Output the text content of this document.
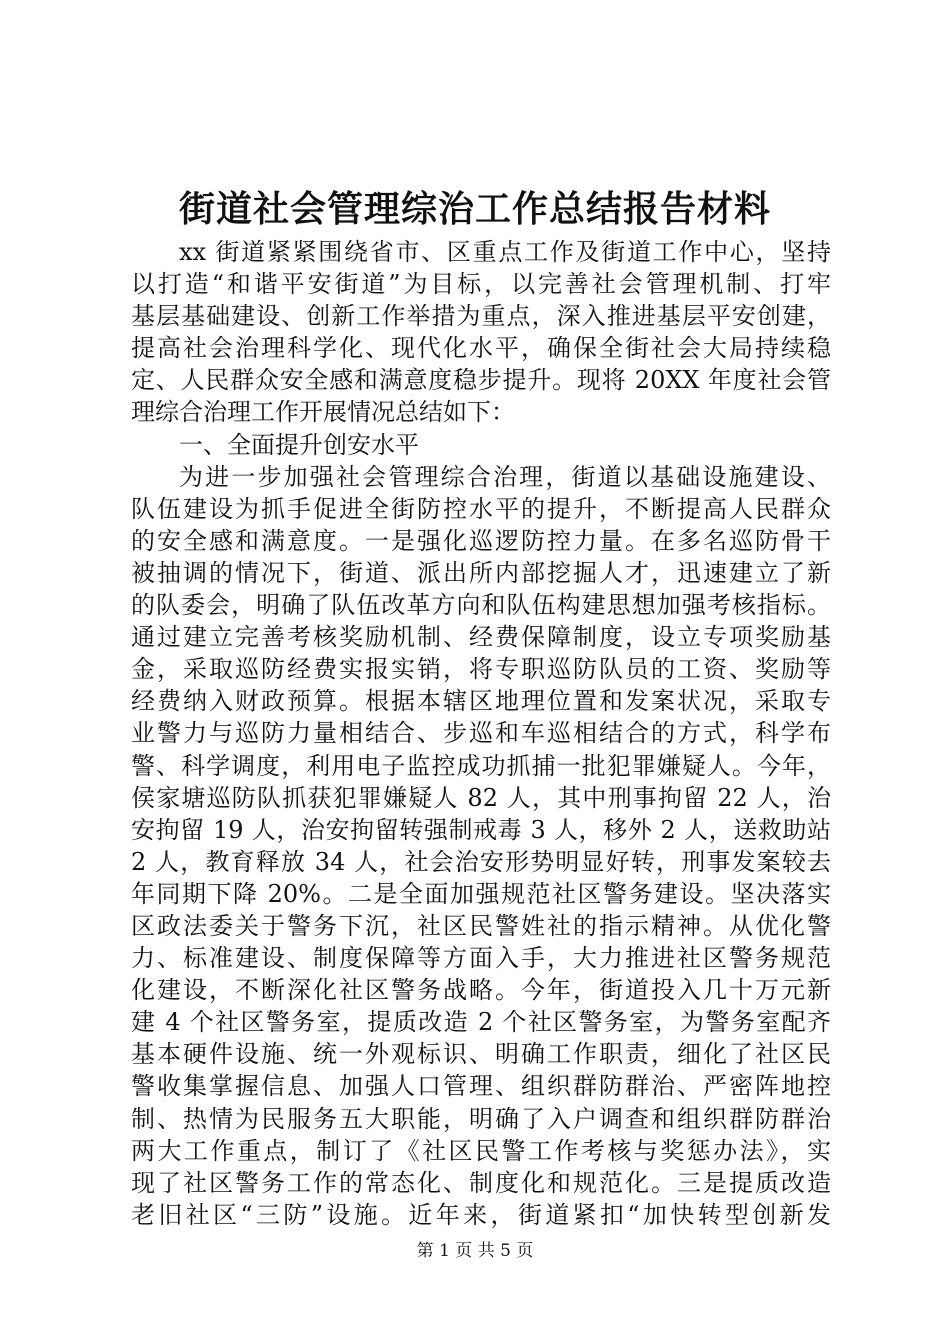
街道社会管理综治工作总结报告材料
xx 街道紧紧围绕省市、区重点工作及街道工作中心，坚持
以打造“和谐平安街道”为目标，以完善社会管理机制、打牢
基层基础建设、创新工作举措为重点，深入推进基层平安创建，
提高社会治理科学化、现代化水平，确保全街社会大局持续稳
定、人民群众安全感和满意度稳步提升。现将 20XX 年度社会管
理综合治理工作开展情况总结如下：
一、全面提升创安水平
为进一步加强社会管理综合治理，街道以基础设施建设、
队伍建设为抓手促进全街防控水平的提升，不断提高人民群众
的安全感和满意度。一是强化巡逻防控力量。在多名巡防骨干
被抽调的情况下，街道、派出所内部挖掘人才，迅速建立了新
的队委会，明确了队伍改革方向和队伍构建思想加强考核指标。
通过建立完善考核奖励机制、经费保障制度，设立专项奖励基
金，采取巡防经费实报实销，将专职巡防队员的工资、奖励等
经费纳入财政预算。根据本辖区地理位置和发案状况，采取专
业警力与巡防力量相结合、步巡和车巡相结合的方式，科学布
警、科学调度，利用电子监控成功抓捕一批犯罪嫌疑人。今年，
侯家塘巡防队抓获犯罪嫌疑人 82 人，其中刑事拘留 22 人，治
安拘留 19 人，治安拘留转强制戒毒 3 人，移外 2 人，送救助站
2 人，教育释放 34 人，社会治安形势明显好转，刑事发案较去
年同期下降 20%。二是全面加强规范社区警务建设。坚决落实
区政法委关于警务下沉，社区民警姓社的指示精神。从优化警
力、标准建设、制度保障等方面入手，大力推进社区警务规范
化建设，不断深化社区警务战略。今年，街道投入几十万元新
建 4 个社区警务室，提质改造 2 个社区警务室，为警务室配齐
基本硬件设施、统一外观标识、明确工作职责，细化了社区民
警收集掌握信息、加强人口管理、组织群防群治、严密阵地控
制、热情为民服务五大职能，明确了入户调查和组织群防群治
两大工作重点，制订了《社区民警工作考核与奖惩办法》，实
现了社区警务工作的常态化、制度化和规范化。三是提质改造
老旧社区“三防”设施。近年来，街道紧扣“加快转型创新发
第 1 页 共 5 页
